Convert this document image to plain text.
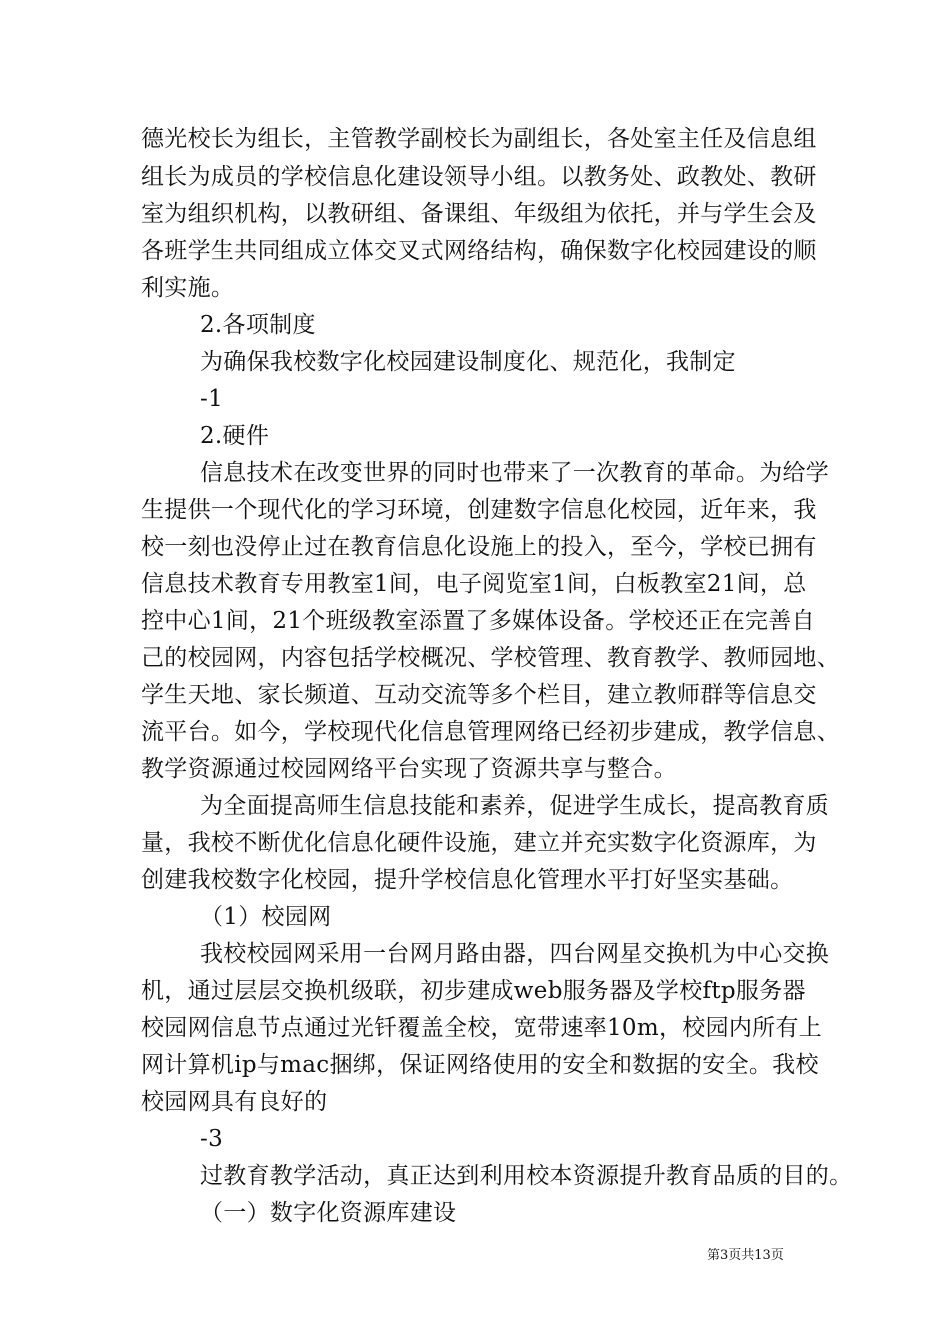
德光校长为组长，主管教学副校长为副组长，各处室主任及信息组
组长为成员的学校信息化建设领导小组。以教务处、政教处、教研
室为组织机构，以教研组、备课组、年级组为依托，并与学生会及
各班学生共同组成立体交叉式网络结构，确保数字化校园建设的顺
利实施。
2.各项制度
为确保我校数字化校园建设制度化、规范化，我制定
-1
2.硬件
信息技术在改变世界的同时也带来了一次教育的革命。为给学
生提供一个现代化的学习环境，创建数字信息化校园，近年来，我
校一刻也没停止过在教育信息化设施上的投入，至今，学校已拥有
信息技术教育专用教室1间，电子阅览室1间，白板教室21间，总
控中心1间，21个班级教室添置了多媒体设备。学校还正在完善自
己的校园网，内容包括学校概况、学校管理、教育教学、教师园地、
学生天地、家长频道、互动交流等多个栏目，建立教师群等信息交
流平台。如今，学校现代化信息管理网络已经初步建成，教学信息、
教学资源通过校园网络平台实现了资源共享与整合。
为全面提高师生信息技能和素养，促进学生成长，提高教育质
量，我校不断优化信息化硬件设施，建立并充实数字化资源库，为
创建我校数字化校园，提升学校信息化管理水平打好坚实基础。
（1）校园网
我校校园网采用一台网月路由器，四台网星交换机为中心交换
机，通过层层交换机级联，初步建成web服务器及学校ftp服务器
校园网信息节点通过光钎覆盖全校，宽带速率10m，校园内所有上
网计算机ip与mac捆绑，保证网络使用的安全和数据的安全。我校
校园网具有良好的
-3
过教育教学活动，真正达到利用校本资源提升教育品质的目的。
（一）数字化资源库建设
第3页共13页
